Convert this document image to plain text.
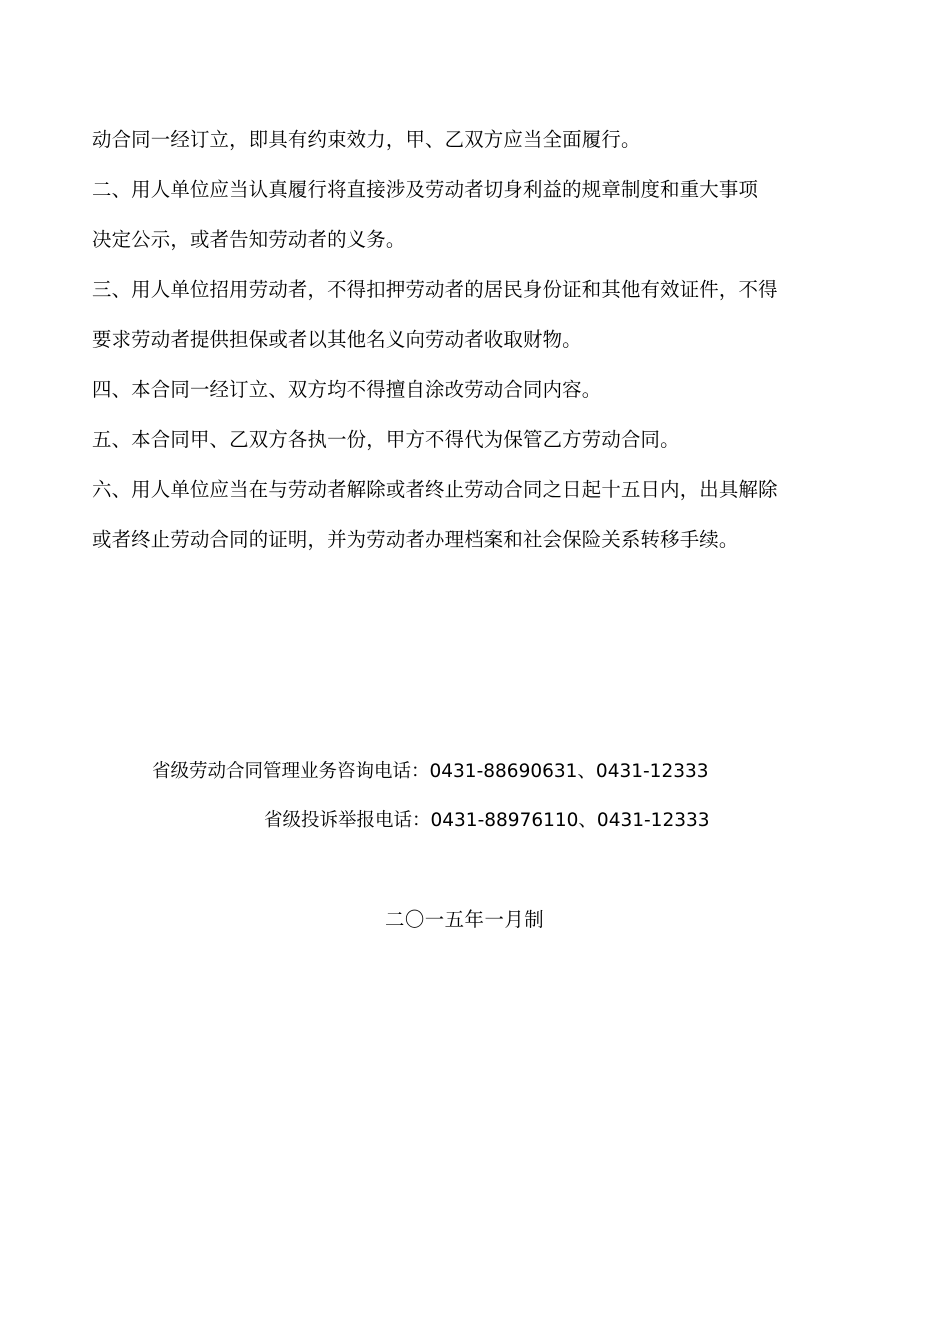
动合同一经订立，即具有约束效力，甲、乙双方应当全面履行。
二、用人单位应当认真履行将直接涉及劳动者切身利益的规章制度和重大事项
决定公示，或者告知劳动者的义务。
三、用人单位招用劳动者，不得扣押劳动者的居民身份证和其他有效证件，不得
要求劳动者提供担保或者以其他名义向劳动者收取财物。
四、本合同一经订立、双方均不得擅自涂改劳动合同内容。
五、本合同甲、乙双方各执一份，甲方不得代为保管乙方劳动合同。
六、用人单位应当在与劳动者解除或者终止劳动合同之日起十五日内，出具解除
或者终止劳动合同的证明，并为劳动者办理档案和社会保险关系转移手续。
省级劳动合同管理业务咨询电话：0431-88690631、0431-12333
省级投诉举报电话：0431-88976110、0431-12333
二〇一五年一月制
